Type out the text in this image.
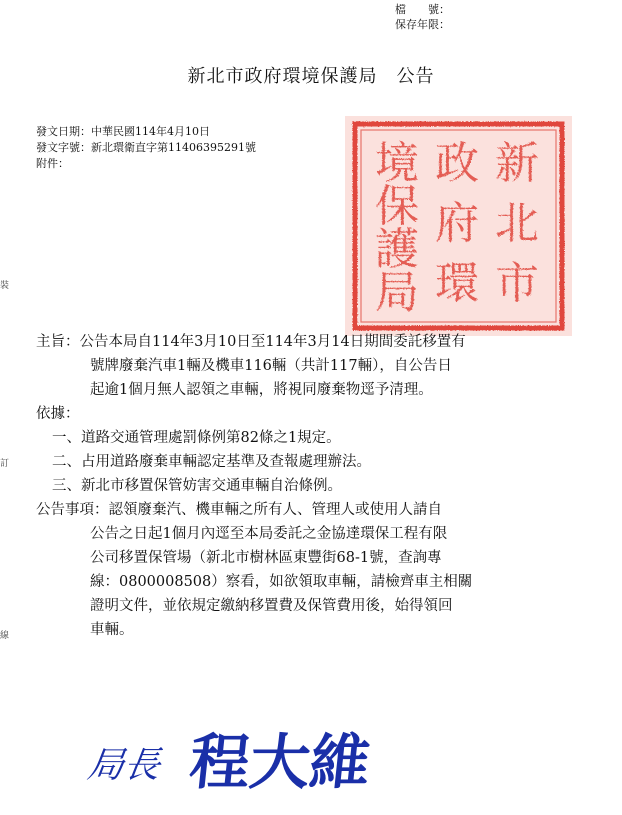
裝
訂
線
檔　　號：
保存年限：
新北市政府環境保護局　公告
發文日期：中華民國114年4月10日
發文字號：新北環衛直字第11406395291號
附件：	新
北
市
政
府
環
境
保
護
局
主旨： 公告本局自114年3月10日至114年3月14日期間委託移置有
號牌廢棄汽車1輛及機車116輛（共計117輛），自公告日
起逾1個月無人認領之車輛，將視同廢棄物逕予清理。
依據：
一、道路交通管理處罰條例第82條之1規定。
二、占用道路廢棄車輛認定基準及查報處理辦法。
三、新北市移置保管妨害交通車輛自治條例。
公告事項： 認領廢棄汽、機車輛之所有人、管理人或使用人請自
公告之日起1個月內逕至本局委託之金協達環保工程有限
公司移置保管場（新北市樹林區東豐街68-1號，查詢專
線：0800008508）察看，如欲領取車輛，請檢齊車主相關
證明文件，並依規定繳納移置費及保管費用後，始得領回
車輛。
局長 程大維
